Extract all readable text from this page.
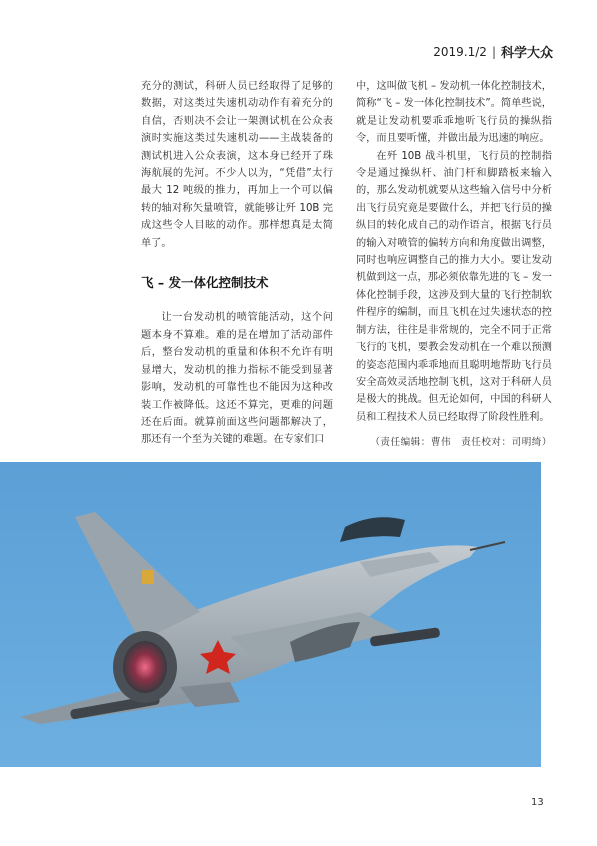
2019.1/2 | 科学大众

充分的测试，科研人员已经取得了足够的数据，对这类过失速机动动作有着充分的自信，否则决不会让一架测试机在公众表演时实施这类过失速机动——主战装备的测试机进入公众表演，这本身已经开了珠海航展的先河。不少人以为，“凭借”太行最大 12 吨级的推力，再加上一个可以偏转的轴对称矢量喷管，就能够让歼 10B 完成这些令人目眩的动作。那样想真是太简单了。

飞 – 发一体化控制技术

让一台发动机的喷管能活动，这个问题本身不算难。难的是在增加了活动部件后，整台发动机的重量和体积不允许有明显增大，发动机的推力指标不能受到显著影响，发动机的可靠性也不能因为这种改装工作被降低。这还不算完，更难的问题还在后面。就算前面这些问题都解决了，那还有一个至为关键的难题。在专家们口

中，这叫做飞机 – 发动机一体化控制技术，简称“飞 – 发一体化控制技术”。简单些说，就是让发动机要乖乖地听飞行员的操纵指令，而且要听懂，并做出最为迅速的响应。

在歼 10B 战斗机里，飞行员的控制指令是通过操纵杆、油门杆和脚踏板来输入的，那么发动机就要从这些输入信号中分析出飞行员究竟是要做什么，并把飞行员的操纵目的转化成自己的动作语言，根据飞行员的输入对喷管的偏转方向和角度做出调整，同时也响应调整自己的推力大小。要让发动机做到这一点，那必须依靠先进的飞 – 发一体化控制手段，这涉及到大量的飞行控制软件程序的编制，而且飞机在过失速状态的控制方法，往往是非常规的，完全不同于正常飞行的飞机，要教会发动机在一个难以预测的姿态范围内乖乖地而且聪明地帮助飞行员安全高效灵活地控制飞机，这对于科研人员是极大的挑战。但无论如何，中国的科研人员和工程技术人员已经取得了阶段性胜利。

（责任编辑：曹伟　责任校对：司明绮）

13
